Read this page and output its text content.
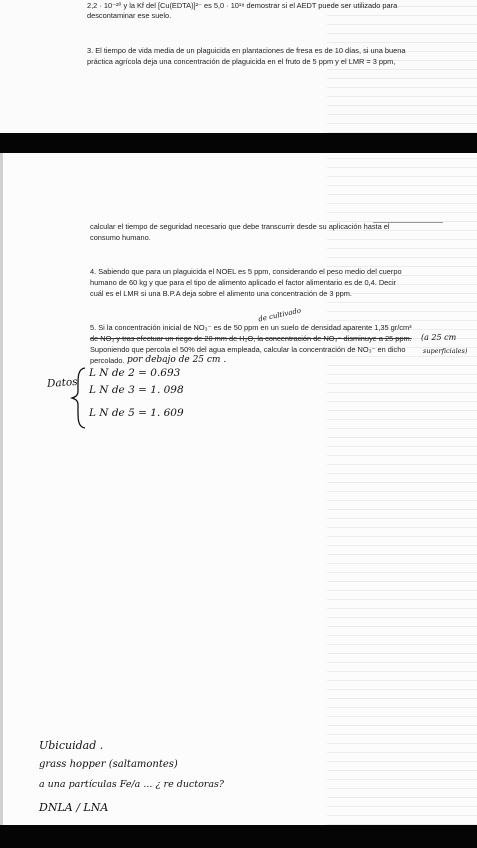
2,2 · 10⁻²⁰ y la Kf del [Cu(EDTA)]²⁻ es 5,0 · 10¹⁸ demostrar si el AEDT puede ser utilizado para

descontaminar ese suelo.

3. El tiempo de vida media de un plaguicida en plantaciones de fresa es de 10 días, si una buena

práctica agrícola deja una concentración de plaguicida en el fruto de 5 ppm y el LMR = 3 ppm,

calcular el tiempo de seguridad necesario que debe transcurrir desde su aplicación hasta el

consumo humano.

4. Sabiendo que para un plaguicida el NOEL es 5 ppm, considerando el peso medio del cuerpo

humano de 60 kg y que para el tipo de alimento aplicado el factor alimentario es de 0,4. Decir

cuál es el LMR si una B.P.A deja sobre el alimento una concentración de 3 ppm.

de cultivado

5. Si la concentración inicial de NO₃⁻ es de 50 ppm en un suelo de densidad aparente 1,35 gr/cm³

de NO₃ y tras efectuar un riego de 20 mm de H₂O, la concentración de NO₃⁻ disminuye a 25 ppm.

Suponiendo que percola el 50% del agua empleada, calcular la concentración de NO₃⁻ en dicho

percolado.

(a 25 cm

superficiales)

por debajo de 25 cm .

Datos

L N de 2 = 0.693

L N de 3 = 1. 098

L N de 5 = 1. 609

Ubicuidad .

grass hopper (saltamontes)

a una partículas Fe/a ... ¿ re ductoras?

DNLA / LNA
